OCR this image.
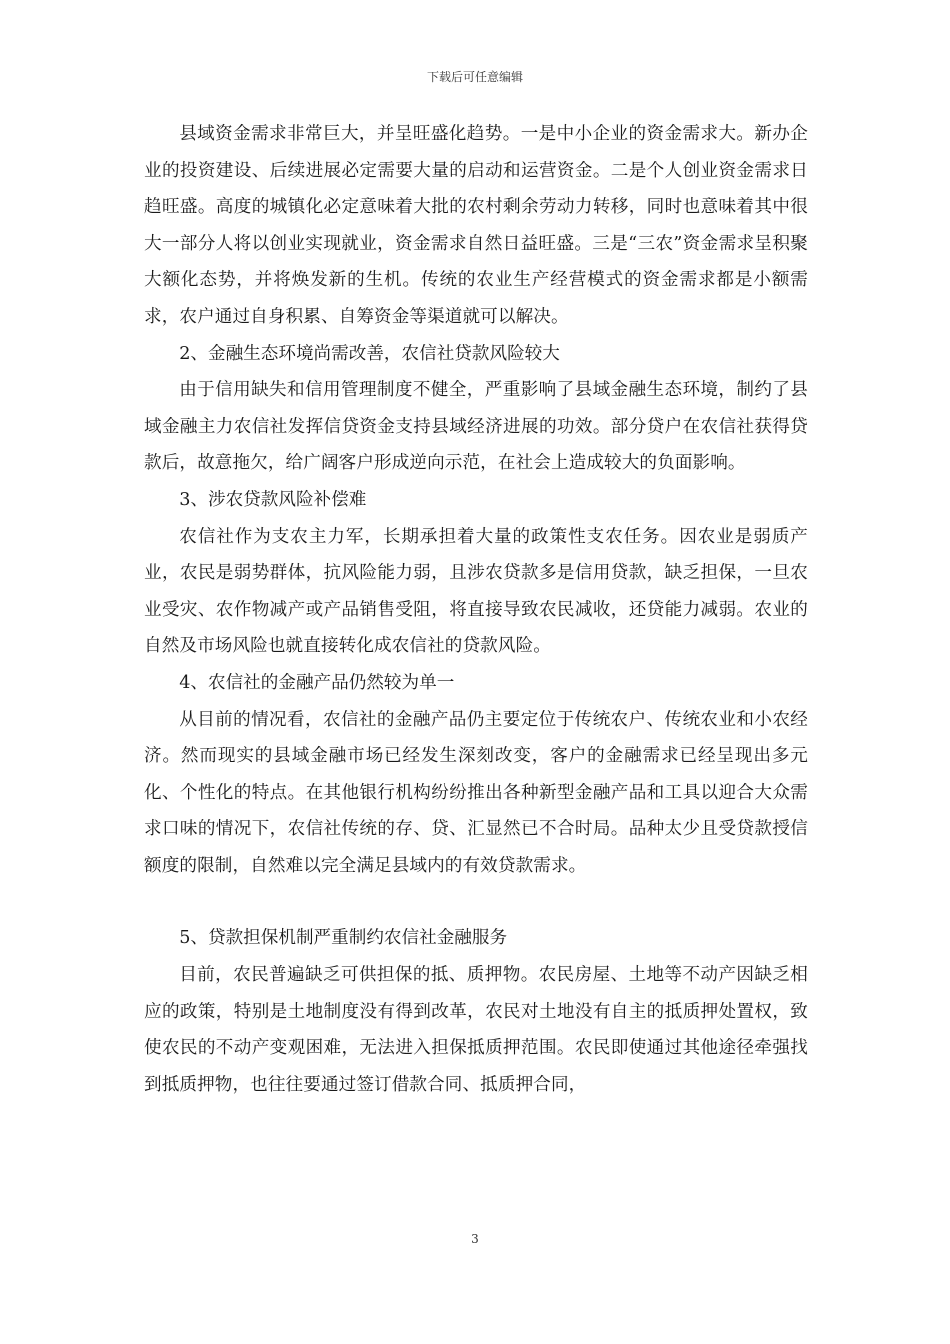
下载后可任意编辑

县域资金需求非常巨大，并呈旺盛化趋势。一是中小企业的资金需求大。新办企业的投资建设、后续进展必定需要大量的启动和运营资金。二是个人创业资金需求日趋旺盛。高度的城镇化必定意味着大批的农村剩余劳动力转移，同时也意味着其中很大一部分人将以创业实现就业，资金需求自然日益旺盛。三是“三农”资金需求呈积聚大额化态势，并将焕发新的生机。传统的农业生产经营模式的资金需求都是小额需求，农户通过自身积累、自筹资金等渠道就可以解决。

2、金融生态环境尚需改善，农信社贷款风险较大

由于信用缺失和信用管理制度不健全，严重影响了县域金融生态环境，制约了县域金融主力农信社发挥信贷资金支持县域经济进展的功效。部分贷户在农信社获得贷款后，故意拖欠，给广阔客户形成逆向示范，在社会上造成较大的负面影响。

3、涉农贷款风险补偿难

农信社作为支农主力军，长期承担着大量的政策性支农任务。因农业是弱质产业，农民是弱势群体，抗风险能力弱，且涉农贷款多是信用贷款，缺乏担保，一旦农业受灾、农作物减产或产品销售受阻，将直接导致农民减收，还贷能力减弱。农业的自然及市场风险也就直接转化成农信社的贷款风险。

4、农信社的金融产品仍然较为单一

从目前的情况看，农信社的金融产品仍主要定位于传统农户、传统农业和小农经济。然而现实的县域金融市场已经发生深刻改变，客户的金融需求已经呈现出多元化、个性化的特点。在其他银行机构纷纷推出各种新型金融产品和工具以迎合大众需求口味的情况下，农信社传统的存、贷、汇显然已不合时局。品种太少且受贷款授信额度的限制，自然难以完全满足县域内的有效贷款需求。

5、贷款担保机制严重制约农信社金融服务

目前，农民普遍缺乏可供担保的抵、质押物。农民房屋、土地等不动产因缺乏相应的政策，特别是土地制度没有得到改革，农民对土地没有自主的抵质押处置权，致使农民的不动产变观困难，无法进入担保抵质押范围。农民即使通过其他途径牵强找到抵质押物，也往往要通过签订借款合同、抵质押合同，

3
